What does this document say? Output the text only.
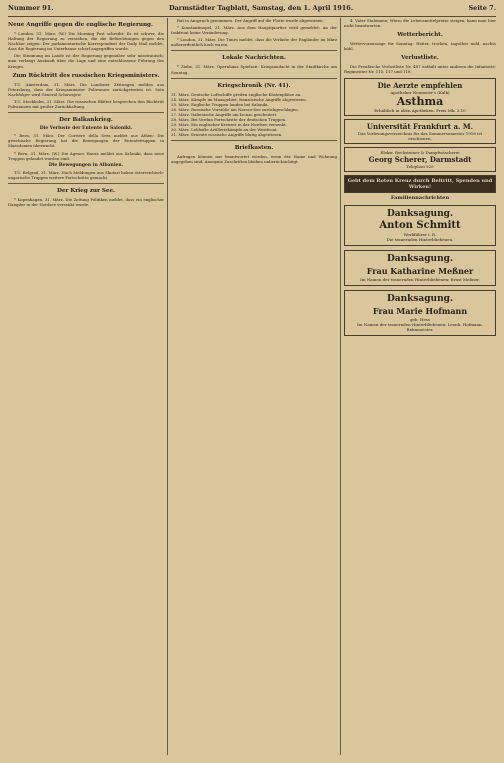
Nummer 91.	Darmstädter Tagblatt, Samstag, den 1. April 1916.	Seite 7.
Neue Angriffe gegen die englische Regierung.
* London, 31. März. (W.) Die Morning Post schreibt: Es ist schwer, die Haltung der Regierung zu verstehen, die die Befürchtungen gegen den Nachbar zeigen. Der parlamentarische Korrespondent der Daily Mail meldet, dass die Regierung im Unterhause scharf angegriffen wurde.
Die Stimmung im Lande ist der Regierung gegenüber sehr misstrauisch; man verlangt Auskunft über die Lage und eine entschlossene Führung des Krieges.
Zum Rücktritt des russischen Kriegsministers.
T.U. Amsterdam, 31. März. Die Londoner Zeitungen melden aus Petersburg, dass der Kriegsminister Poliwanow zurückgetreten ist. Sein Nachfolger wird General Schuwajew.
T.U. Stockholm, 31. März. Die russischen Blätter besprechen den Rücktritt Poliwanows mit großer Zurückhaltung.
Der Balkankrieg.
Die Verluste der Entente in Saloniki.
* Bern, 31. März. Der Corriere della Sera meldet aus Athen: Die griechische Regierung hat die Bewegungen der Ententetruppen in Mazedonien überwacht.
* Bern, 31. März. (W.) Die Agence Havas meldet aus Saloniki, dass neue Truppen gelandet worden sind.
Die Bewegungen in Albanien.
T.U. Belgrad, 31. März. Nach Meldungen aus Skutari haben österreichisch-ungarische Truppen weitere Fortschritte gemacht.
Der Krieg zur See.
* Kopenhagen, 31. März. Die Zeitung Politiken meldet, dass ein englischer Dampfer in der Nordsee versenkt wurde.
Rat in Anspruch genommen. Der Angriff auf die Flotte wurde abgewiesen.
* Konstantinopel, 31. März. Aus dem Hauptquartier wird gemeldet: An der Irakfront keine Veränderung.
* London, 31. März. Die Times meldet, dass die Verluste der Engländer im März außerordentlich hoch waren.
Lokale Nachrichten.
* Ziebe, 31. März. Opernhaus Spielzeit. Kriegsandacht in der Stadtkirche am Sonntag.
Kriegschronik (Nr. 41).
31. März. Deutsche Luftschiffe greifen englische Küstenplätze an.
24. März. Kämpfe im Maasgebiet; französische Angriffe abgewiesen.
25. März. Englische Truppen landen bei Saloniki.
26. März. Russische Vorstöße am Narocz-See zurückgeschlagen.
27. März. Italienische Angriffe am Isonzo gescheitert.
28. März. Bei Verdun Fortschritte der deutschen Truppen.
29. März. Ein englischer Kreuzer in der Nordsee versenkt.
30. März. Lebhafte Artilleriekämpfe an der Westfront.
31. März. Erneute russische Angriffe blutig abgewiesen.
Briefkasten.
Anfragen können nur beantwortet werden, wenn der Name und Wohnung angegeben sind. Anonyme Zuschriften bleiben unberücksichtigt.
4. Vater Stahmann; Wieso die Lebensmittelpreise steigen, kann man hier nicht beantworten.
Wetterbericht.
Wettervoraussage für Sonntag: Heiter, trocken, tagsüber mild, nachts kühl.
Verlustliste.
Die Preußische Verlustliste Nr. 487 enthält unter anderen die Infanterie-Regimenter Nr. 115, 117 und 118.
Die Aerzte empfehlen
Apotheker Neumeier's (Kalk)
Asthma
Erhältlich in allen Apotheken. Preis Mk. 3.10
Universität Frankfurt a. M.
Das Vorlesungsverzeichnis für das Sommersemester 1916 ist erschienen.
Elektr. Rechsteiner & Dampfwäscherei
Georg Scherer, Darmstadt
Telephon 929
Gebt dem Roten Kreuz durch Beitritt, Spenden und Wirken!
Familiennachrichten
Danksagung.
Anton Schmitt
Werkführer i. R.
Die trauernden Hinterbliebenen.
Danksagung.
Frau Katharine Meßner
Im Namen der trauernden Hinterbliebenen: Ernst Meßner.
Danksagung.
Frau Marie Hofmann
geb. Hess
Im Namen der trauernden Hinterbliebenen: Leonh. Hofmann, Bahnmeister.
